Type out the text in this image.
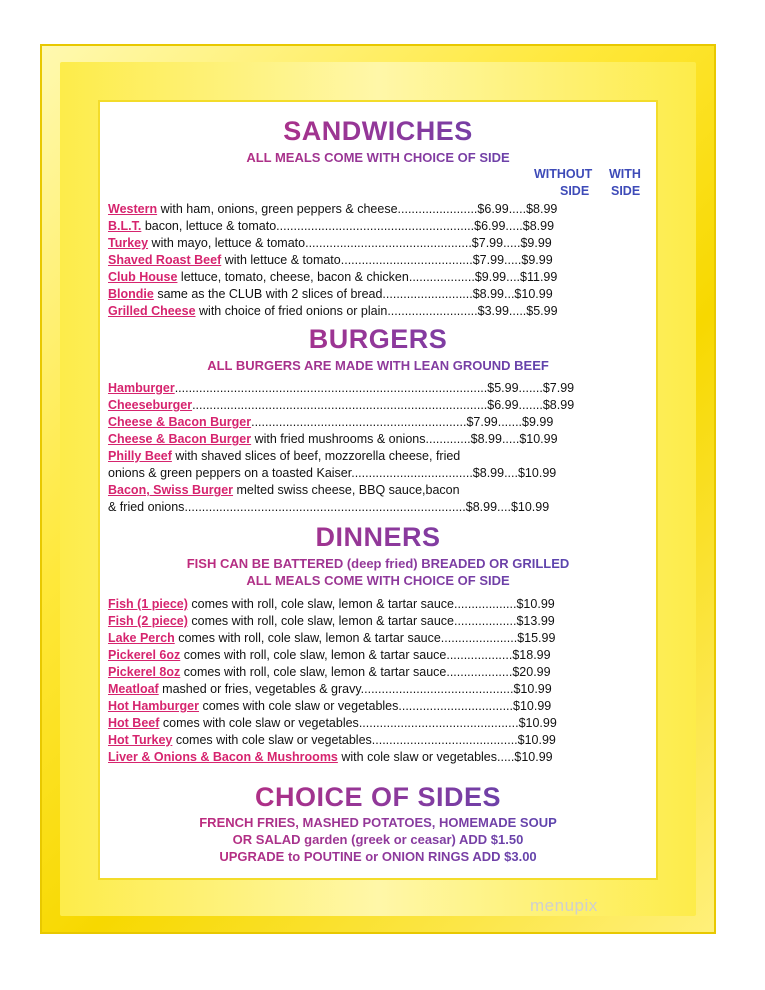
SANDWICHES
ALL MEALS COME WITH CHOICE OF SIDE
WITHOUT WITH
SIDE SIDE
Western with ham, onions, green peppers & cheese.......................$6.99.....$8.99
B.L.T. bacon, lettuce & tomato.........................................................$6.99.....$8.99
Turkey with mayo, lettuce & tomato................................................$7.99.....$9.99
Shaved Roast Beef with lettuce & tomato......................................$7.99.....$9.99
Club House lettuce, tomato, cheese, bacon & chicken...................$9.99....$11.99
Blondie same as the CLUB with 2 slices of bread..........................$8.99...$10.99
Grilled Cheese with choice of fried onions or plain..........................$3.99.....$5.99
BURGERS
ALL BURGERS ARE MADE WITH LEAN GROUND BEEF
Hamburger..........................................................................................$5.99.......$7.99
Cheeseburger.....................................................................................$6.99.......$8.99
Cheese & Bacon Burger..............................................................$7.99.......$9.99
Cheese & Bacon Burger with fried mushrooms & onions.............$8.99.....$10.99
Philly Beef with shaved slices of beef, mozzorella cheese, fried
onions & green peppers on a toasted Kaiser...................................$8.99....$10.99
Bacon, Swiss Burger melted swiss cheese, BBQ sauce,bacon
& fried onions.................................................................................$8.99....$10.99
DINNERS
FISH CAN BE BATTERED (deep fried) BREADED OR GRILLED
ALL MEALS COME WITH CHOICE OF SIDE
Fish (1 piece) comes with roll, cole slaw, lemon & tartar sauce..................$10.99
Fish (2 piece) comes with roll, cole slaw, lemon & tartar sauce..................$13.99
Lake Perch comes with roll, cole slaw, lemon & tartar sauce......................$15.99
Pickerel 6oz comes with roll, cole slaw, lemon & tartar sauce...................$18.99
Pickerel 8oz comes with roll, cole slaw, lemon & tartar sauce...................$20.99
Meatloaf mashed or fries, vegetables & gravy............................................$10.99
Hot Hamburger comes with cole slaw or vegetables.................................$10.99
Hot Beef comes with cole slaw or vegetables..............................................$10.99
Hot Turkey comes with cole slaw or vegetables..........................................$10.99
Liver & Onions & Bacon & Mushrooms with cole slaw or vegetables.....$10.99
CHOICE OF SIDES
FRENCH FRIES, MASHED POTATOES, HOMEMADE SOUP
OR SALAD garden (greek or ceasar) ADD $1.50
UPGRADE to POUTINE or ONION RINGS ADD $3.00
menupix
